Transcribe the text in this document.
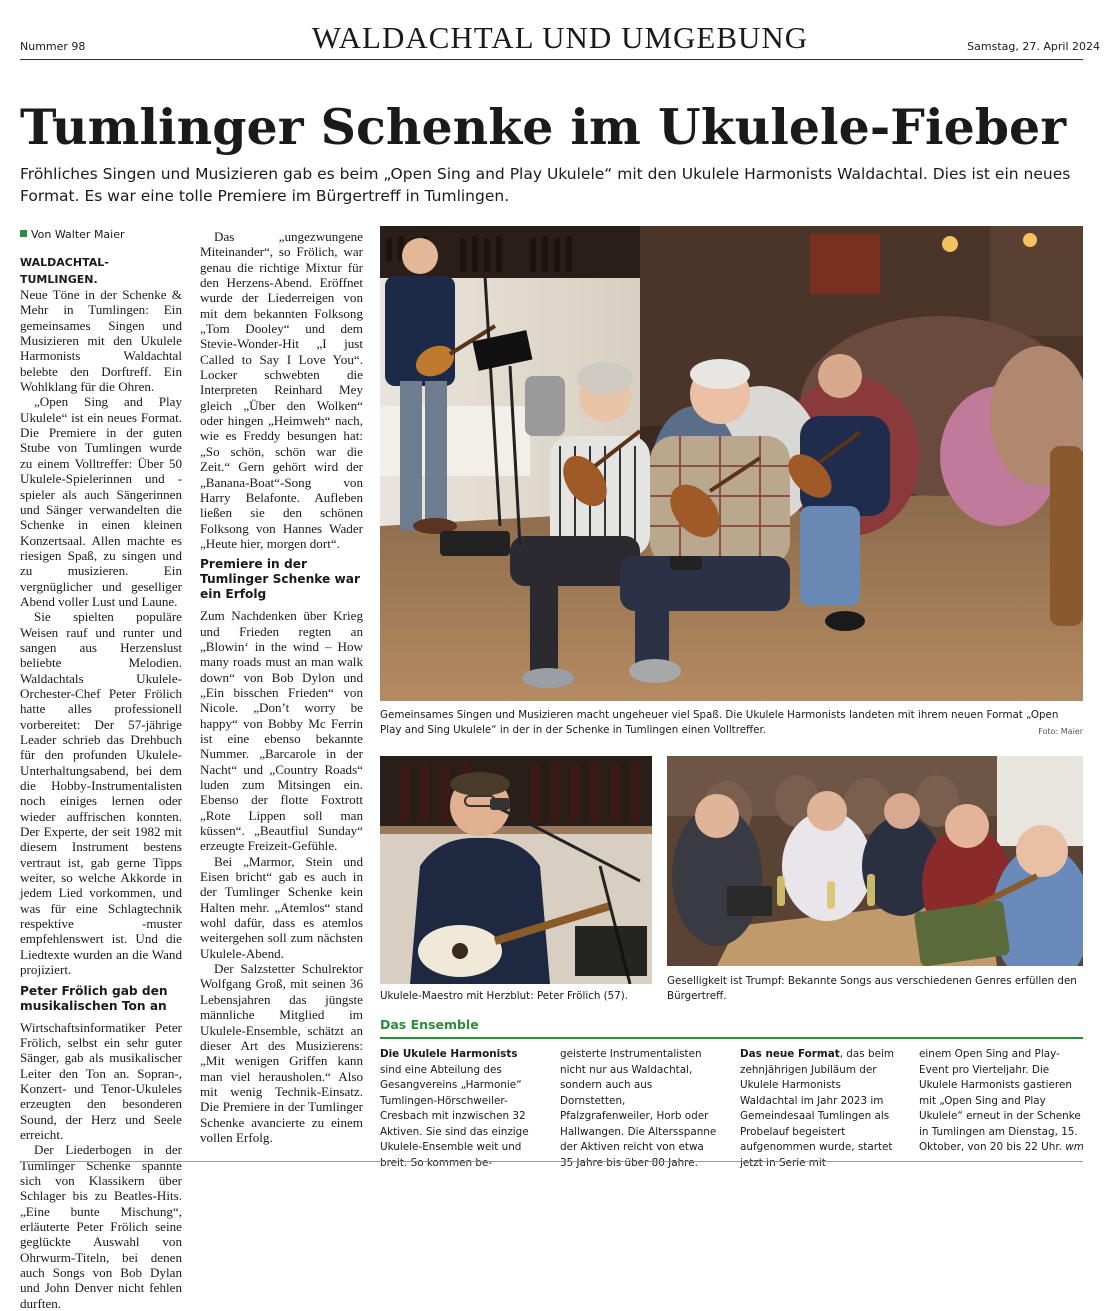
Nummer 98	WALDACHTAL UND UMGEBUNG	Samstag, 27. April 2024
Tumlinger Schenke im Ukulele-Fieber
Fröhliches Singen und Musizieren gab es beim „Open Sing and Play Ukulele“ mit den Ukulele Harmonists Waldachtal. Dies ist ein neues Format. Es war eine tolle Premiere im Bürgertreff in Tumlingen.
Von Walter Maier

WALDACHTAL-TUMLINGEN.
Neue Töne in der Schenke & Mehr in Tumlingen: Ein gemeinsames Singen und Musizieren mit den Ukulele Harmonists Waldachtal belebte den Dorftreff. Ein Wohlklang für die Ohren.

„Open Sing and Play Ukulele“ ist ein neues Format. Die Premiere in der guten Stube von Tumlingen wurde zu einem Volltreffer: Über 50 Ukulele-Spielerinnen und -spieler als auch Sängerinnen und Sänger verwandelten die Schenke in einen kleinen Konzertsaal. Allen machte es riesigen Spaß, zu singen und zu musizieren. Ein vergnüglicher und geselliger Abend voller Lust und Laune.

Sie spielten populäre Weisen rauf und runter und sangen aus Herzenslust beliebte Melodien. Waldachtals Ukulele-Orchester-Chef Peter Frölich hatte alles professionell vorbereitet: Der 57-jährige Leader schrieb das Drehbuch für den profunden Ukulele-Unterhaltungsabend, bei dem die Hobby-Instrumentalisten noch einiges lernen oder wieder auffrischen konnten. Der Experte, der seit 1982 mit diesem Instrument bestens vertraut ist, gab gerne Tipps weiter, so welche Akkorde in jedem Lied vorkommen, und was für eine Schlagtechnik respektive -muster empfehlenswert ist. Und die Liedtexte wurden an die Wand projiziert.

Peter Frölich gab den musikalischen Ton an

Wirtschaftsinformatiker Peter Frölich, selbst ein sehr guter Sänger, gab als musikalischer Leiter den Ton an. Sopran-, Konzert- und Tenor-Ukuleles erzeugten den besonderen Sound, der Herz und Seele erreicht.

Der Liederbogen in der Tumlinger Schenke spannte sich von Klassikern über Schlager bis zu Beatles-Hits. „Eine bunte Mischung“, erläuterte Peter Frölich seine geglückte Auswahl von Ohrwurm-Titeln, bei denen auch Songs von Bob Dylan und John Denver nicht fehlen durften.

Das „ungezwungene Miteinander“, so Frölich, war genau die richtige Mixtur für den Herzens-Abend. Eröffnet wurde der Liederreigen von mit dem bekannten Folksong „Tom Dooley“ und dem Stevie-Wonder-Hit „I just Called to Say I Love You“. Locker schwebten die Interpreten Reinhard Mey gleich „Über den Wolken“ oder hingen „Heimweh“ nach, wie es Freddy besungen hat: „So schön, schön war die Zeit.“ Gern gehört wird der „Banana-Boat“-Song von Harry Belafonte. Aufleben ließen sie den schönen Folksong von Hannes Wader „Heute hier, morgen dort“.

Premiere in der Tumlinger Schenke war ein Erfolg

Zum Nachdenken über Krieg und Frieden regten an „Blowin‘ in the wind – How many roads must an man walk down“ von Bob Dylon und „Ein bisschen Frieden“ von Nicole. „Don’t worry be happy“ von Bobby Mc Ferrin ist eine ebenso bekannte Nummer. „Barcarole in der Nacht“ und „Country Roads“ luden zum Mitsingen ein. Ebenso der flotte Foxtrott „Rote Lippen soll man küssen“. „Beautfiul Sunday“ erzeugte Freizeit-Gefühle.

Bei „Marmor, Stein und Eisen bricht“ gab es auch in der Tumlinger Schenke kein Halten mehr. „Atemlos“ stand wohl dafür, dass es atemlos weitergehen soll zum nächsten Ukulele-Abend.

Der Salzstetter Schulrektor Wolfgang Groß, mit seinen 36 Lebensjahren das jüngste männliche Mitglied im Ukulele-Ensemble, schätzt an dieser Art des Musizierens: „Mit wenigen Griffen kann man viel herausholen.“ Also mit wenig Technik-Einsatz. Die Premiere in der Tumlinger Schenke avancierte zu einem vollen Erfolg.

Gemeinsames Singen und Musizieren macht ungeheuer viel Spaß. Die Ukulele Harmonists landeten mit ihrem neuen Format „Open Play and Sing Ukulele“ in der in der Schenke in Tumlingen einen Volltreffer.	Foto: Maier
Ukulele-Maestro mit Herzblut: Peter Frölich (57).
Geselligkeit ist Trumpf: Bekannte Songs aus verschiedenen Genres erfüllen den Bürgertreff.
Das Ensemble
Die Ukulele Harmonists sind eine Abteilung des Gesangvereins „Harmonie“ Tumlingen-Hörschweiler-Cresbach mit inzwischen 32 Aktiven. Sie sind das einzige Ukulele-Ensemble weit und breit. So kommen be-
geisterte Instrumentalisten nicht nur aus Waldachtal, sondern auch aus Dornstetten, Pfalzgrafenweiler, Horb oder Hallwangen. Die Altersspanne der Aktiven reicht von etwa 35 Jahre bis über 80 Jahre.
Das neue Format, das beim zehnjährigen Jubiläum der Ukulele Harmonists Waldachtal im Jahr 2023 im Gemeindesaal Tumlingen als Probelauf begeistert aufgenommen wurde, startet jetzt in Serie mit
einem Open Sing and Play-Event pro Vierteljahr. Die Ukulele Harmonists gastieren mit „Open Sing and Play Ukulele“ erneut in der Schenke in Tumlingen am Dienstag, 15. Oktober, von 20 bis 22 Uhr. wm
